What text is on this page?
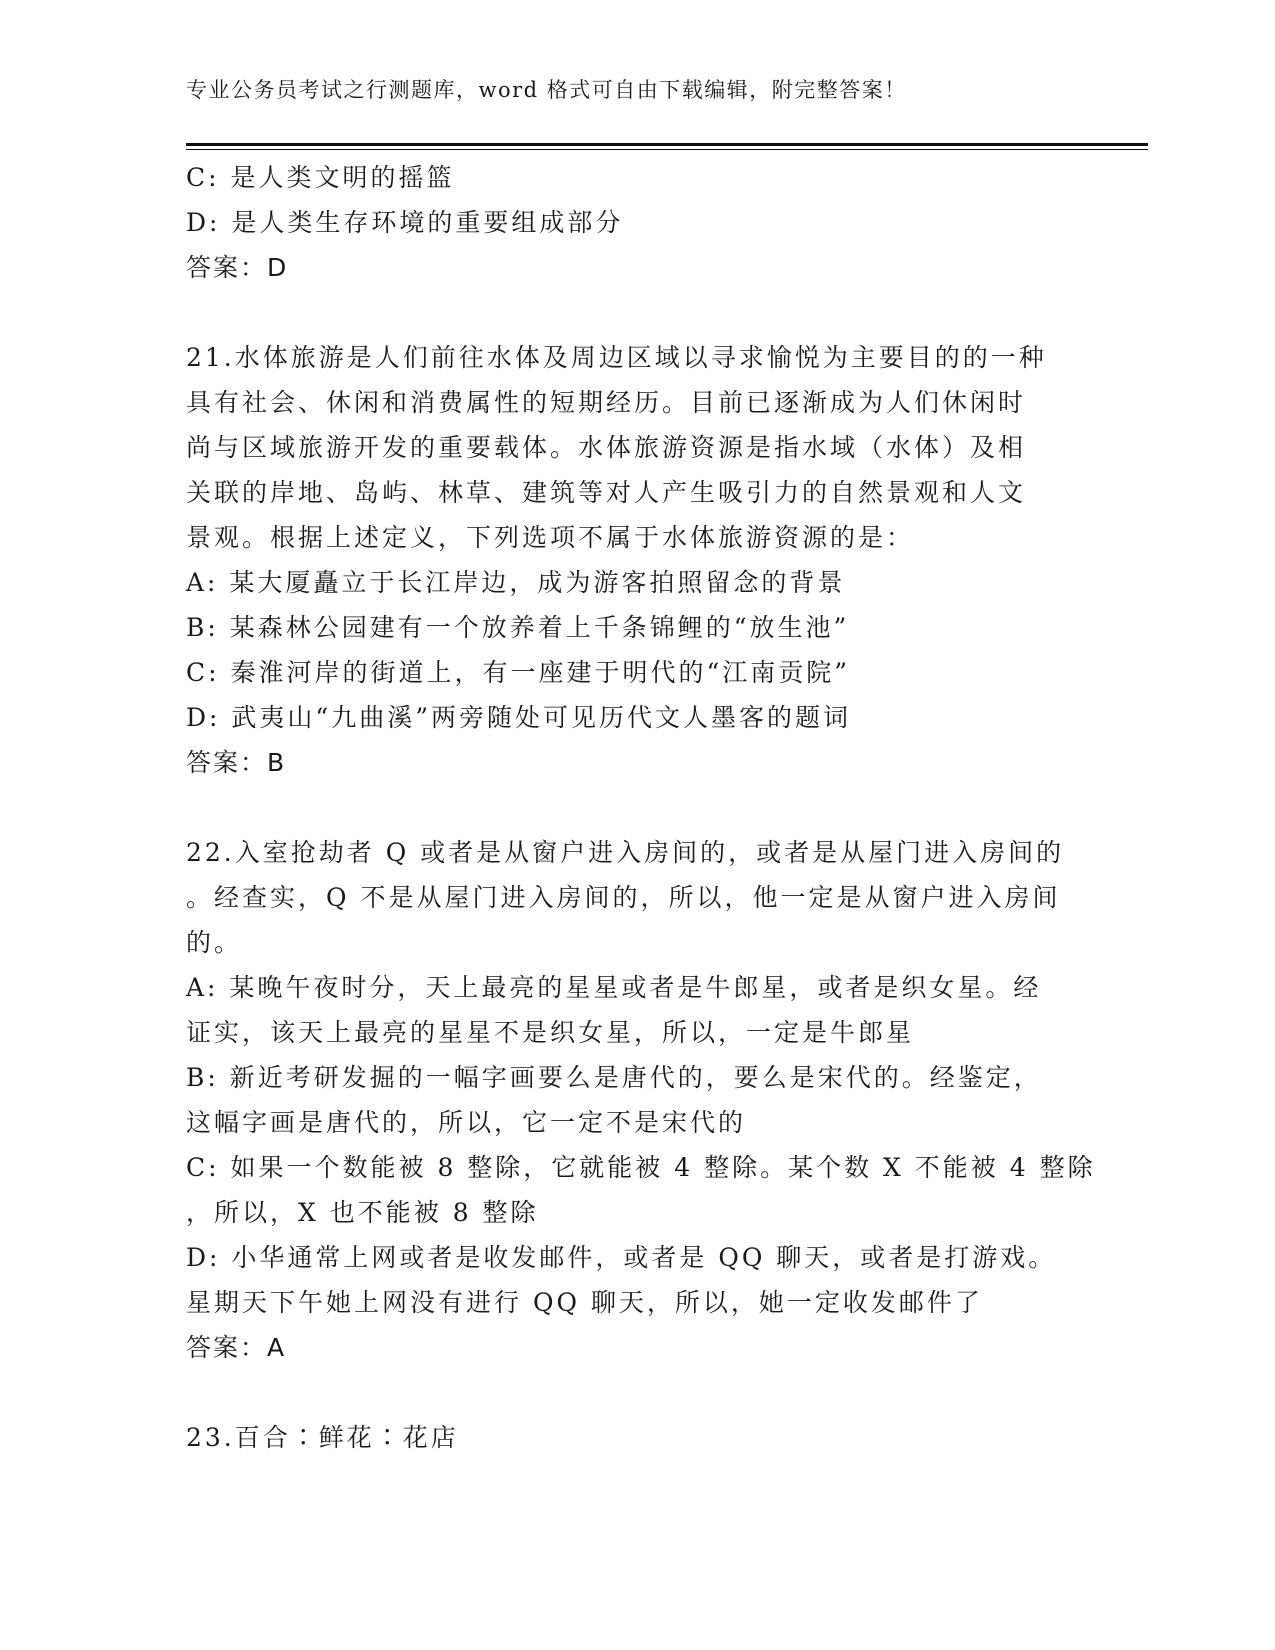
专业公务员考试之行测题库，word 格式可自由下载编辑，附完整答案！
C: 是人类文明的摇篮
D: 是人类生存环境的重要组成部分
答案：D
21.水体旅游是人们前往水体及周边区域以寻求愉悦为主要目的的一种
具有社会、休闲和消费属性的短期经历。目前已逐渐成为人们休闲时
尚与区域旅游开发的重要载体。水体旅游资源是指水域（水体）及相
关联的岸地、岛屿、林草、建筑等对人产生吸引力的自然景观和人文
景观。根据上述定义，下列选项不属于水体旅游资源的是：
A: 某大厦矗立于长江岸边，成为游客拍照留念的背景
B: 某森林公园建有一个放养着上千条锦鲤的“放生池”
C: 秦淮河岸的街道上，有一座建于明代的“江南贡院”
D: 武夷山“九曲溪”两旁随处可见历代文人墨客的题词
答案：B
22.入室抢劫者 Q 或者是从窗户进入房间的，或者是从屋门进入房间的
。经查实，Q 不是从屋门进入房间的，所以，他一定是从窗户进入房间
的。
A: 某晚午夜时分，天上最亮的星星或者是牛郎星，或者是织女星。经
证实，该天上最亮的星星不是织女星，所以，一定是牛郎星
B: 新近考研发掘的一幅字画要么是唐代的，要么是宋代的。经鉴定，
这幅字画是唐代的，所以，它一定不是宋代的
C: 如果一个数能被 8 整除，它就能被 4 整除。某个数 X 不能被 4 整除
，所以，X 也不能被 8 整除
D: 小华通常上网或者是收发邮件，或者是 QQ 聊天，或者是打游戏。
星期天下午她上网没有进行 QQ 聊天，所以，她一定收发邮件了
答案：A
23.百合∶鲜花∶花店
